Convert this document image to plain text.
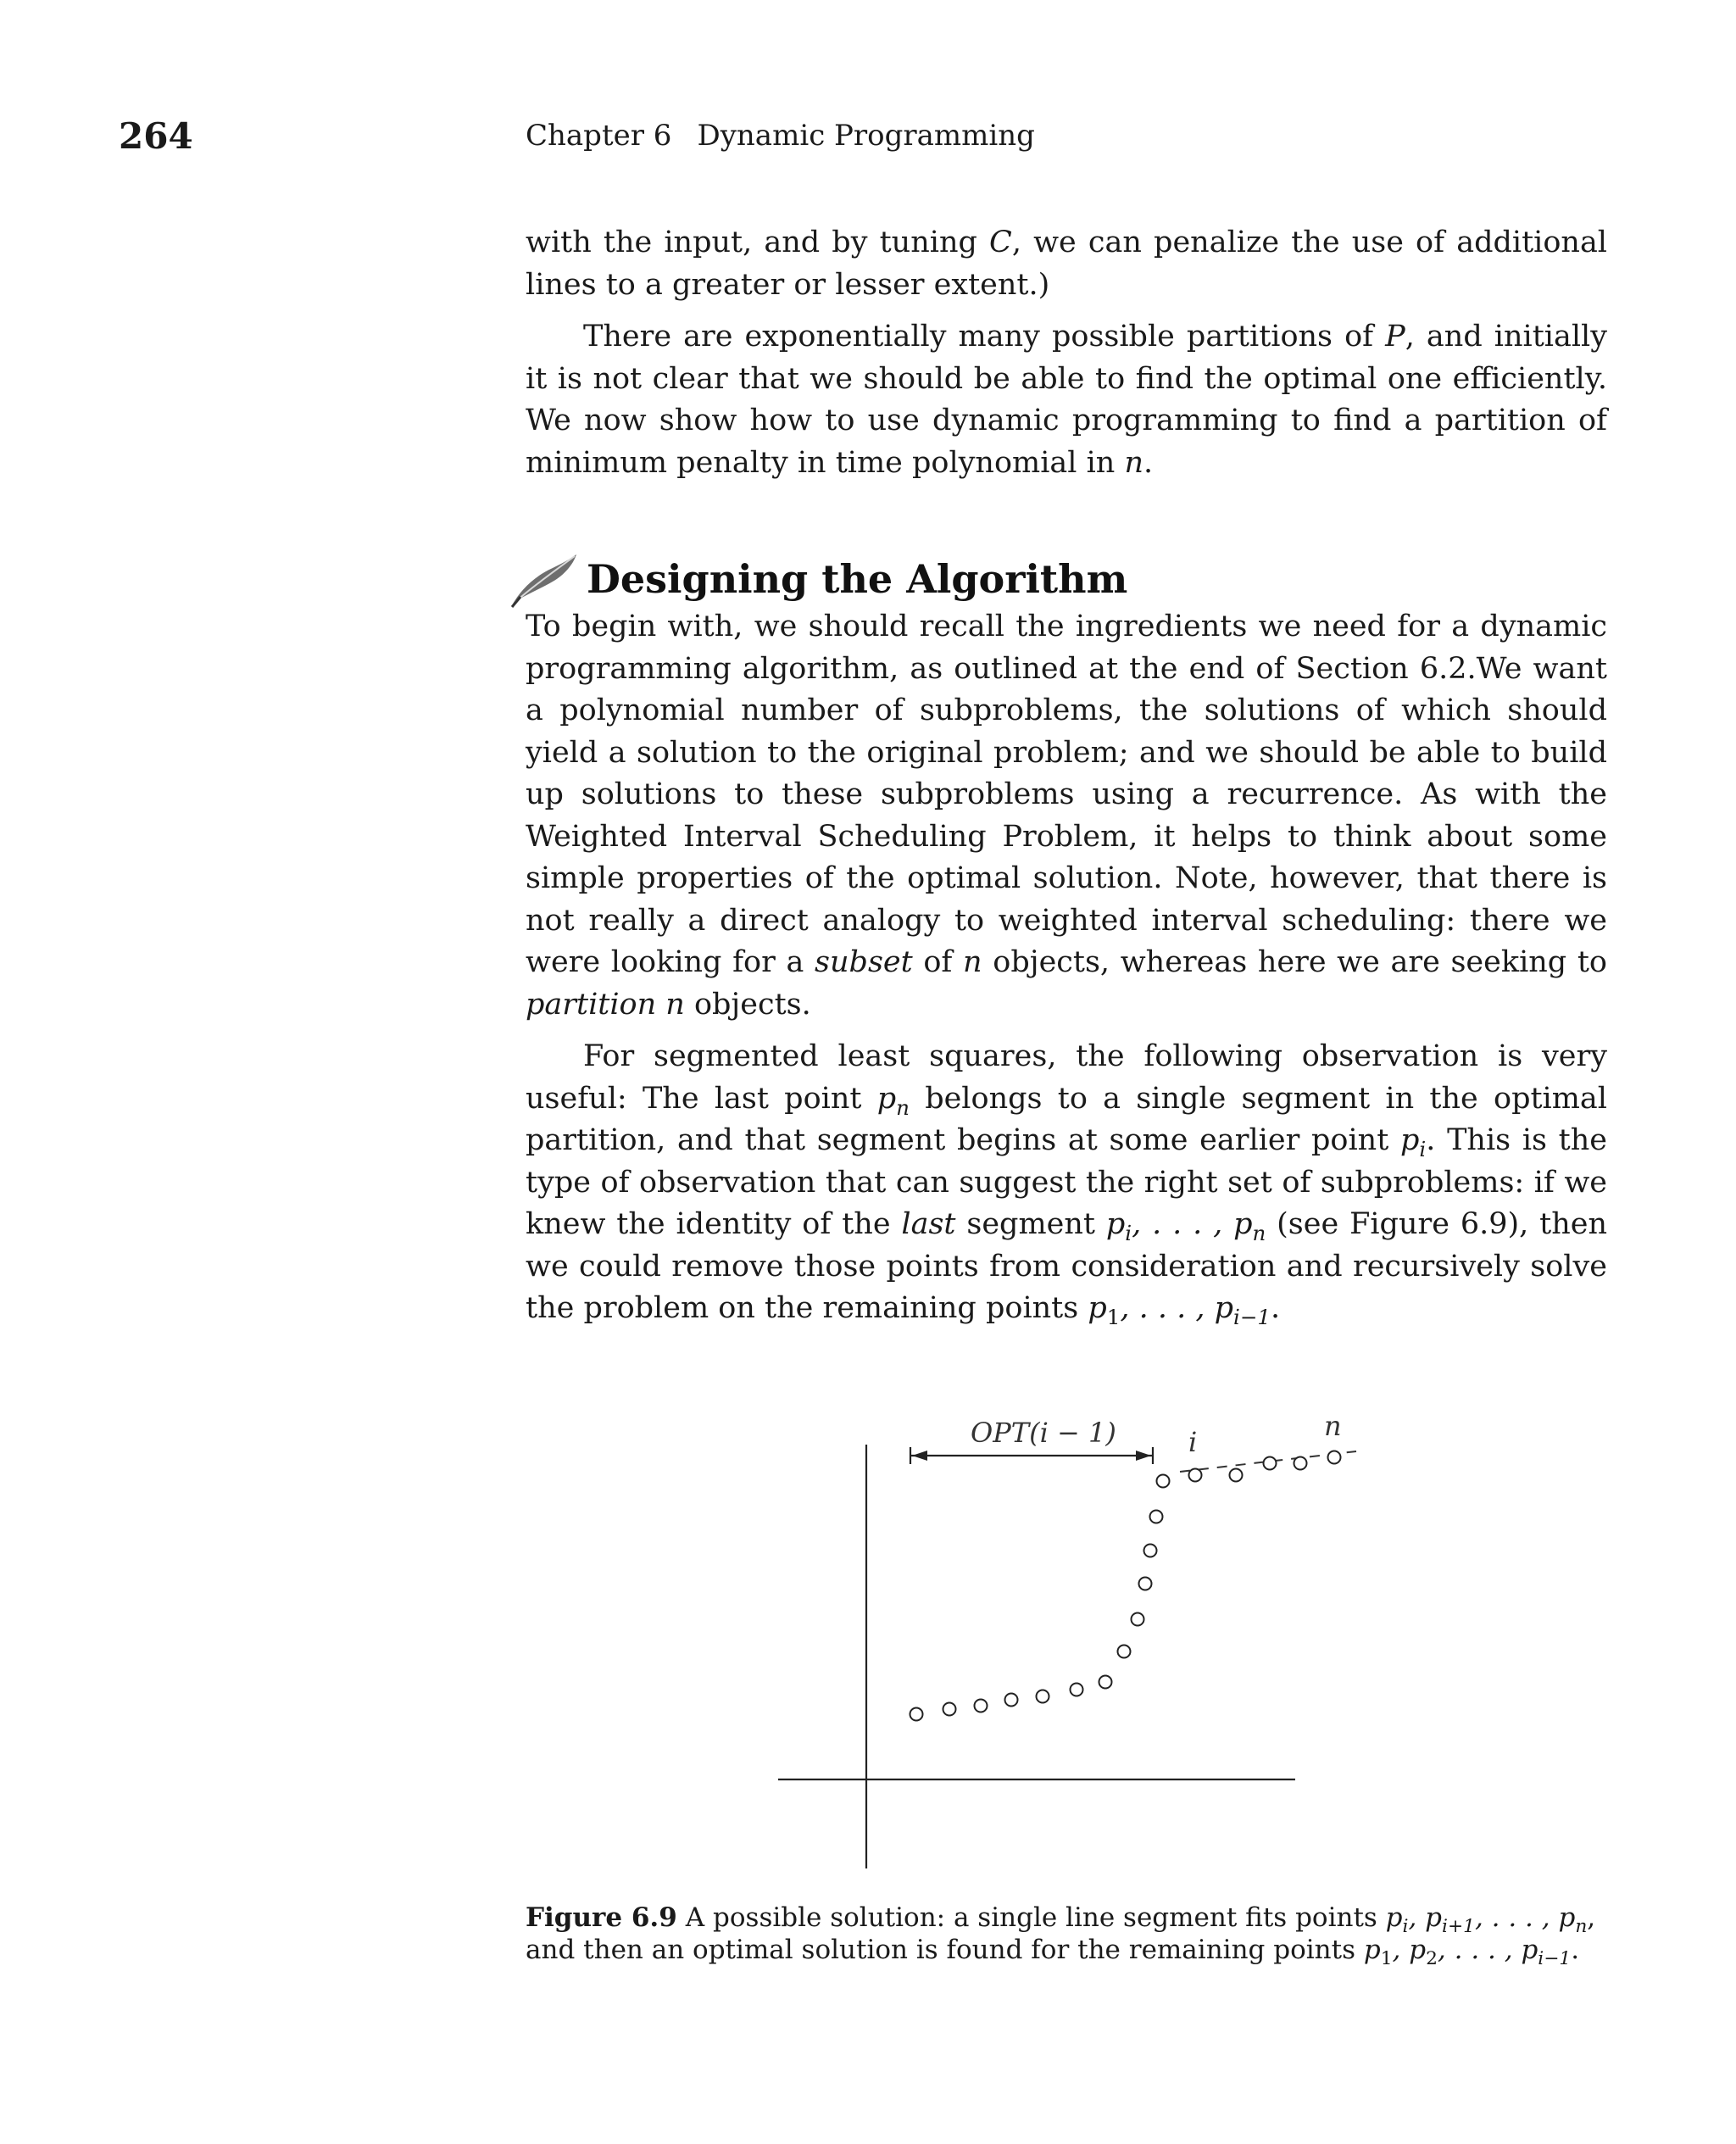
264	Chapter 6 Dynamic Programming

with the input, and by tuning C, we can penalize the use of additional lines to a greater or lesser extent.)

There are exponentially many possible partitions of P, and initially it is not clear that we should be able to find the optimal one efficiently. We now show how to use dynamic programming to find a partition of minimum penalty in time polynomial in n.

Designing the Algorithm

To begin with, we should recall the ingredients we need for a dynamic programming algorithm, as outlined at the end of Section 6.2.We want a polynomial number of subproblems, the solutions of which should yield a solution to the original problem; and we should be able to build up solutions to these subproblems using a recurrence. As with the Weighted Interval Scheduling Problem, it helps to think about some simple properties of the optimal solution. Note, however, that there is not really a direct analogy to weighted interval scheduling: there we were looking for a subset of n objects, whereas here we are seeking to partition n objects.

For segmented least squares, the following observation is very useful: The last point $p_n$ belongs to a single segment in the optimal partition, and that segment begins at some earlier point $p_i$. This is the type of observation that can suggest the right set of subproblems: if we knew the identity of the last segment $p_i$, . . . , $p_n$ (see Figure 6.9), then we could remove those points from consideration and recursively solve the problem on the remaining points $p_1$, . . . , $p_{i-1}$.

OPT(i − 1)	i	n
Figure 6.9 A possible solution: a single line segment fits points $p_i$, $p_{i+1}$, . . . , $p_n$, and then an optimal solution is found for the remaining points $p_1$, $p_2$, . . . , $p_{i-1}$.
